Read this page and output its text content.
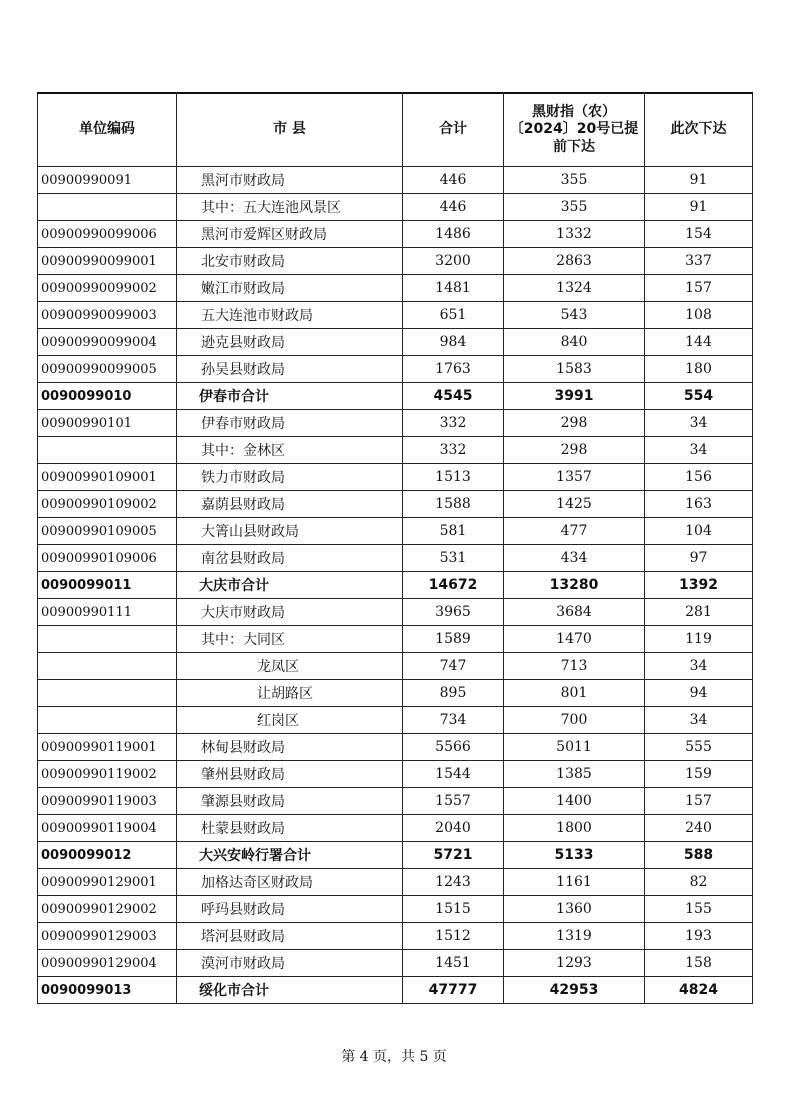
单位编码	市 县	合计	黑财指（农）〔2024〕20号已提前下达	此次下达
00900990091	黑河市财政局	446	355	91
	其中：五大连池风景区	446	355	91
00900990099006	黑河市爱辉区财政局	1486	1332	154
00900990099001	北安市财政局	3200	2863	337
00900990099002	嫩江市财政局	1481	1324	157
00900990099003	五大连池市财政局	651	543	108
00900990099004	逊克县财政局	984	840	144
00900990099005	孙吴县财政局	1763	1583	180
0090099010	伊春市合计	4545	3991	554
00900990101	伊春市财政局	332	298	34
	其中：金林区	332	298	34
00900990109001	铁力市财政局	1513	1357	156
00900990109002	嘉荫县财政局	1588	1425	163
00900990109005	大箐山县财政局	581	477	104
00900990109006	南岔县财政局	531	434	97
0090099011	大庆市合计	14672	13280	1392
00900990111	大庆市财政局	3965	3684	281
	其中：大同区	1589	1470	119
	龙凤区	747	713	34
	让胡路区	895	801	94
	红岗区	734	700	34
00900990119001	林甸县财政局	5566	5011	555
00900990119002	肇州县财政局	1544	1385	159
00900990119003	肇源县财政局	1557	1400	157
00900990119004	杜蒙县财政局	2040	1800	240
0090099012	大兴安岭行署合计	5721	5133	588
00900990129001	加格达奇区财政局	1243	1161	82
00900990129002	呼玛县财政局	1515	1360	155
00900990129003	塔河县财政局	1512	1319	193
00900990129004	漠河市财政局	1451	1293	158
0090099013	绥化市合计	47777	42953	4824
第 4 页，共 5 页
